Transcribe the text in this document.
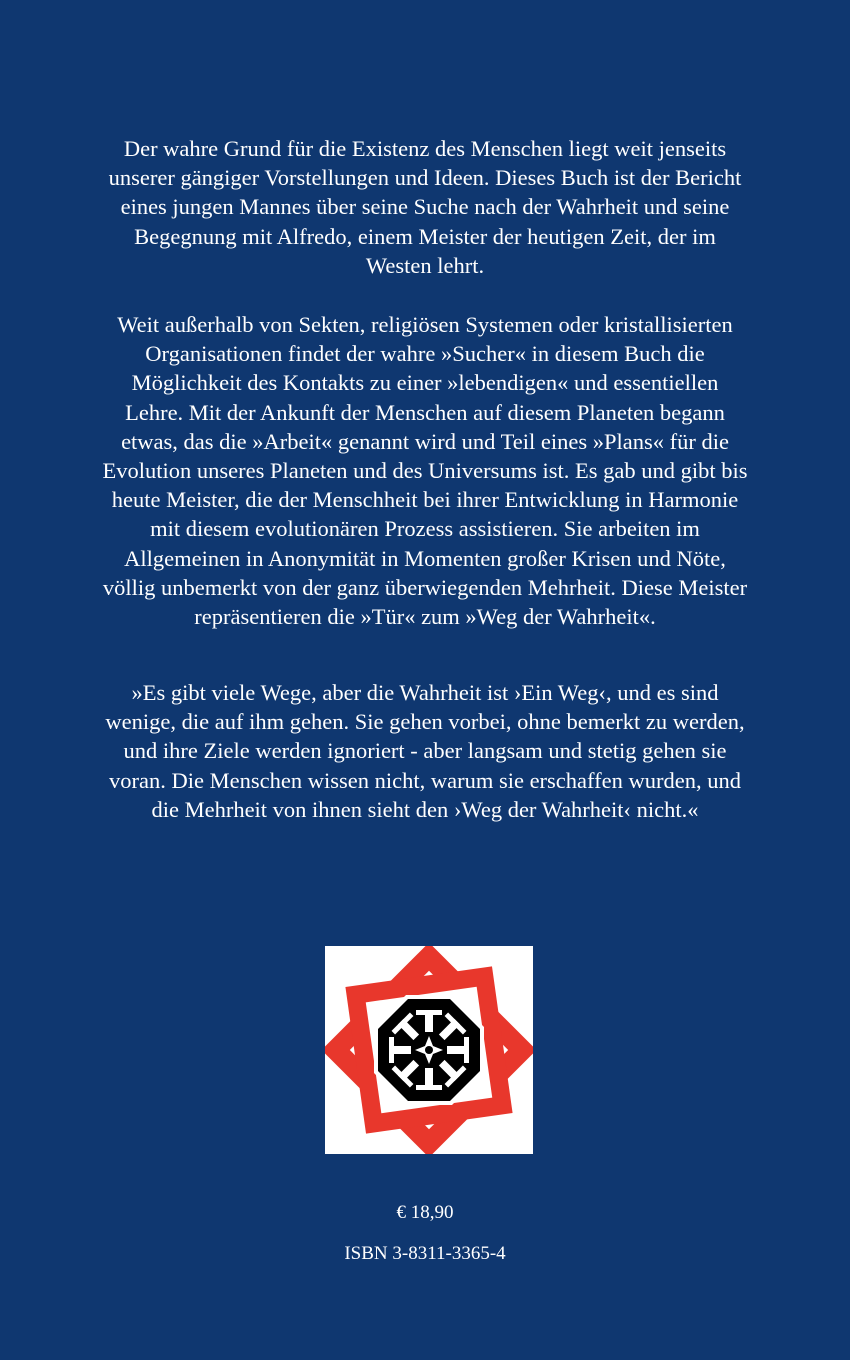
Der wahre Grund für die Existenz des Menschen liegt weit jenseits unserer gängiger Vorstellungen und Ideen. Dieses Buch ist der Bericht eines jungen Mannes über seine Suche nach der Wahrheit und seine Begegnung mit Alfredo, einem Meister der heutigen Zeit, der im Westen lehrt.

Weit außerhalb von Sekten, religiösen Systemen oder kristallisierten Organisationen findet der wahre »Sucher« in diesem Buch die Möglichkeit des Kontakts zu einer »lebendigen« und essentiellen Lehre. Mit der Ankunft der Menschen auf diesem Planeten begann etwas, das die »Arbeit« genannt wird und Teil eines »Plans« für die Evolution unseres Planeten und des Universums ist. Es gab und gibt bis heute Meister, die der Menschheit bei ihrer Entwicklung in Harmonie mit diesem evolutionären Prozess assistieren. Sie arbeiten im Allgemeinen in Anonymität in Momenten großer Krisen und Nöte, völlig unbemerkt von der ganz überwiegenden Mehrheit. Diese Meister repräsentieren die »Tür« zum »Weg der Wahrheit«.

»Es gibt viele Wege, aber die Wahrheit ist ›Ein Weg‹, und es sind wenige, die auf ihm gehen. Sie gehen vorbei, ohne bemerkt zu werden, und ihre Ziele werden ignoriert - aber langsam und stetig gehen sie voran. Die Menschen wissen nicht, warum sie erschaffen wurden, und die Mehrheit von ihnen sieht den ›Weg der Wahrheit‹ nicht.«

€ 18,90
ISBN 3-8311-3365-4
